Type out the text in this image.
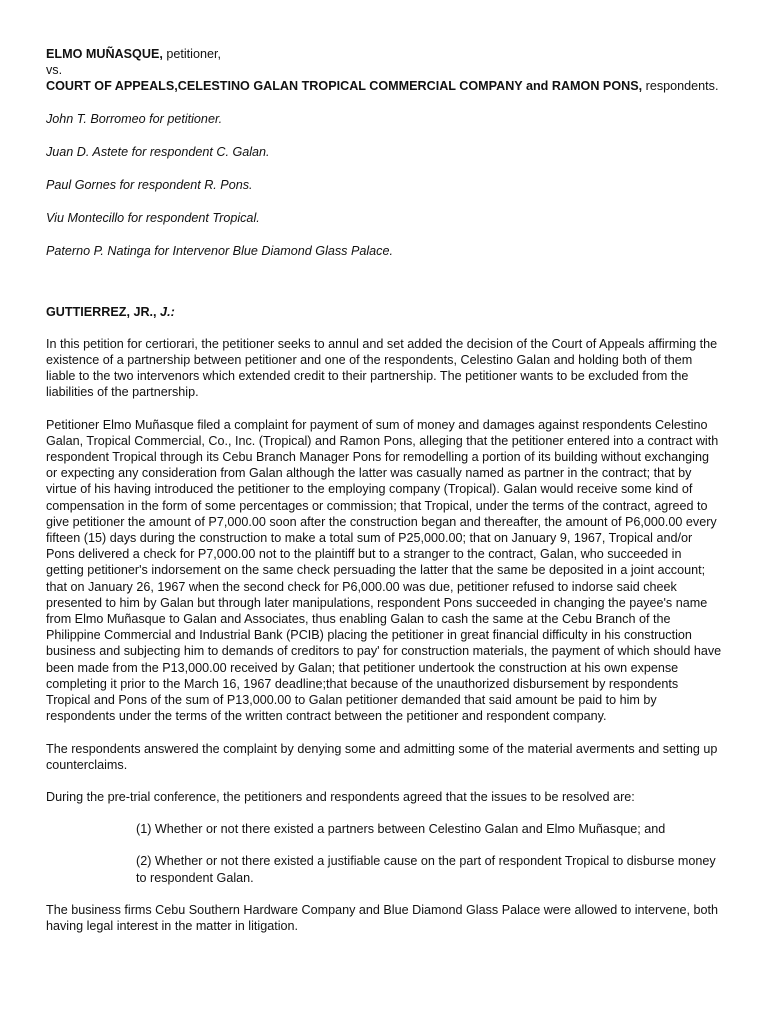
ELMO MUÑASQUE, petitioner,

vs.

COURT OF APPEALS,CELESTINO GALAN TROPICAL COMMERCIAL COMPANY and RAMON PONS, respondents.

John T. Borromeo for petitioner.

Juan D. Astete for respondent C. Galan.

Paul Gornes for respondent R. Pons.

Viu Montecillo for respondent Tropical.

Paterno P. Natinga for Intervenor Blue Diamond Glass Palace.

GUTTIERREZ, JR., J.:

In this petition for certiorari, the petitioner seeks to annul and set added the decision of the Court of Appeals affirming the existence of a partnership between petitioner and one of the respondents, Celestino Galan and holding both of them liable to the two intervenors which extended credit to their partnership. The petitioner wants to be excluded from the liabilities of the partnership.

Petitioner Elmo Muñasque filed a complaint for payment of sum of money and damages against respondents Celestino Galan, Tropical Commercial, Co., Inc. (Tropical) and Ramon Pons, alleging that the petitioner entered into a contract with respondent Tropical through its Cebu Branch Manager Pons for remodelling a portion of its building without exchanging or expecting any consideration from Galan although the latter was casually named as partner in the contract; that by virtue of his having introduced the petitioner to the employing company (Tropical). Galan would receive some kind of compensation in the form of some percentages or commission; that Tropical, under the terms of the contract, agreed to give petitioner the amount of P7,000.00 soon after the construction began and thereafter, the amount of P6,000.00 every fifteen (15) days during the construction to make a total sum of P25,000.00; that on January 9, 1967, Tropical and/or Pons delivered a check for P7,000.00 not to the plaintiff but to a stranger to the contract, Galan, who succeeded in getting petitioner's indorsement on the same check persuading the latter that the same be deposited in a joint account; that on January 26, 1967 when the second check for P6,000.00 was due, petitioner refused to indorse said cheek presented to him by Galan but through later manipulations, respondent Pons succeeded in changing the payee's name from Elmo Muñasque to Galan and Associates, thus enabling Galan to cash the same at the Cebu Branch of the Philippine Commercial and Industrial Bank (PCIB) placing the petitioner in great financial difficulty in his construction business and subjecting him to demands of creditors to pay' for construction materials, the payment of which should have been made from the P13,000.00 received by Galan; that petitioner undertook the construction at his own expense completing it prior to the March 16, 1967 deadline;that because of the unauthorized disbursement by respondents Tropical and Pons of the sum of P13,000.00 to Galan petitioner demanded that said amount be paid to him by respondents under the terms of the written contract between the petitioner and respondent company.

The respondents answered the complaint by denying some and admitting some of the material averments and setting up counterclaims.

During the pre-trial conference, the petitioners and respondents agreed that the issues to be resolved are:

(1) Whether or not there existed a partners between Celestino Galan and Elmo Muñasque; and

(2) Whether or not there existed a justifiable cause on the part of respondent Tropical to disburse money to respondent Galan.

The business firms Cebu Southern Hardware Company and Blue Diamond Glass Palace were allowed to intervene, both having legal interest in the matter in litigation.
